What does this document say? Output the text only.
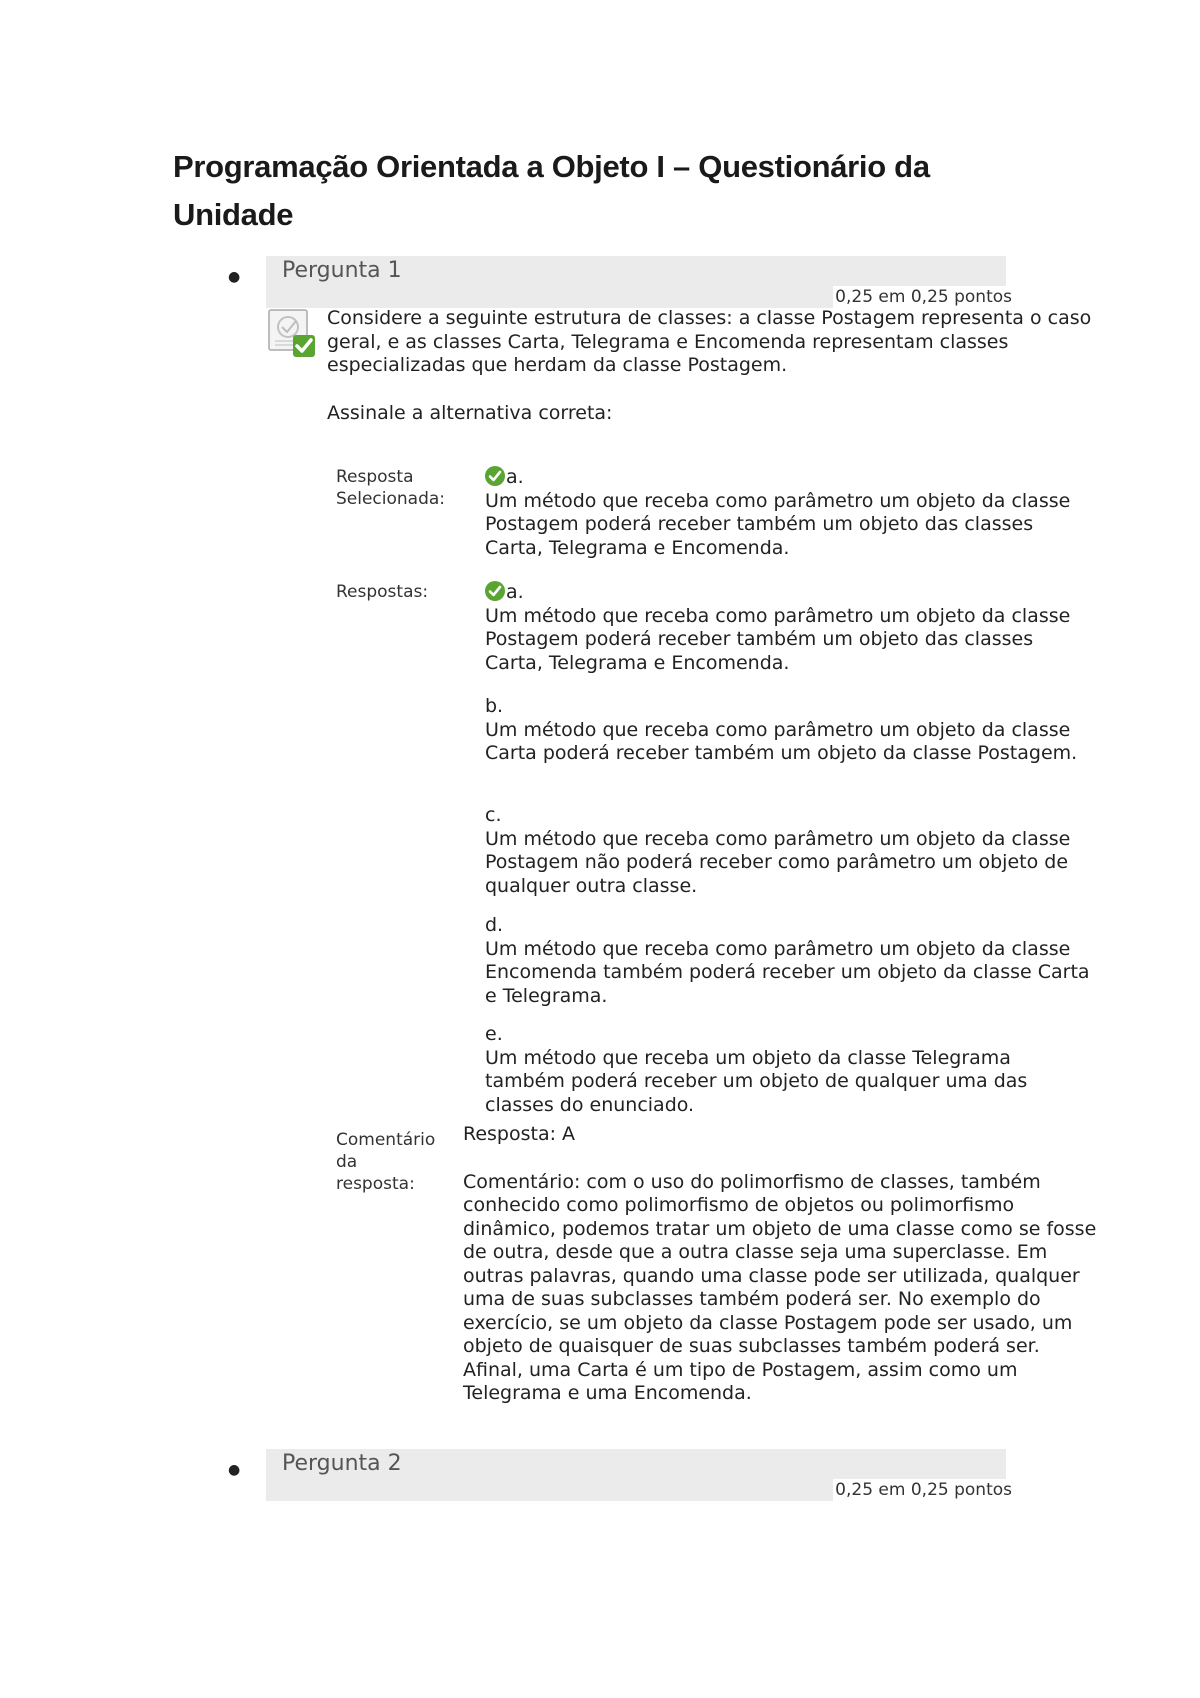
Programação Orientada a Objeto I – Questionário da Unidade
● Pergunta 1
0,25 em 0,25 pontos

Considere a seguinte estrutura de classes: a classe Postagem representa o caso geral, e as classes Carta, Telegrama e Encomenda representam classes especializadas que herdam da classe Postagem.

Assinale a alternativa correta:

Resposta
Selecionada:
a.
Um método que receba como parâmetro um objeto da classe Postagem poderá receber também um objeto das classes Carta, Telegrama e Encomenda.
Respostas:	a.
Um método que receba como parâmetro um objeto da classe Postagem poderá receber também um objeto das classes Carta, Telegrama e Encomenda.
b.
Um método que receba como parâmetro um objeto da classe Carta poderá receber também um objeto da classe Postagem.
c.
Um método que receba como parâmetro um objeto da classe Postagem não poderá receber como parâmetro um objeto de qualquer outra classe.
d.
Um método que receba como parâmetro um objeto da classe Encomenda também poderá receber um objeto da classe Carta e Telegrama.
e.
Um método que receba um objeto da classe Telegrama também poderá receber um objeto de qualquer uma das classes do enunciado.
Comentário
da
resposta:

Resposta: A

Comentário: com o uso do polimorfismo de classes, também conhecido como polimorfismo de objetos ou polimorfismo dinâmico, podemos tratar um objeto de uma classe como se fosse de outra, desde que a outra classe seja uma superclasse. Em outras palavras, quando uma classe pode ser utilizada, qualquer uma de suas subclasses também poderá ser. No exemplo do exercício, se um objeto da classe Postagem pode ser usado, um objeto de quaisquer de suas subclasses também poderá ser. Afinal, uma Carta é um tipo de Postagem, assim como um Telegrama e uma Encomenda.

● Pergunta 2
0,25 em 0,25 pontos
